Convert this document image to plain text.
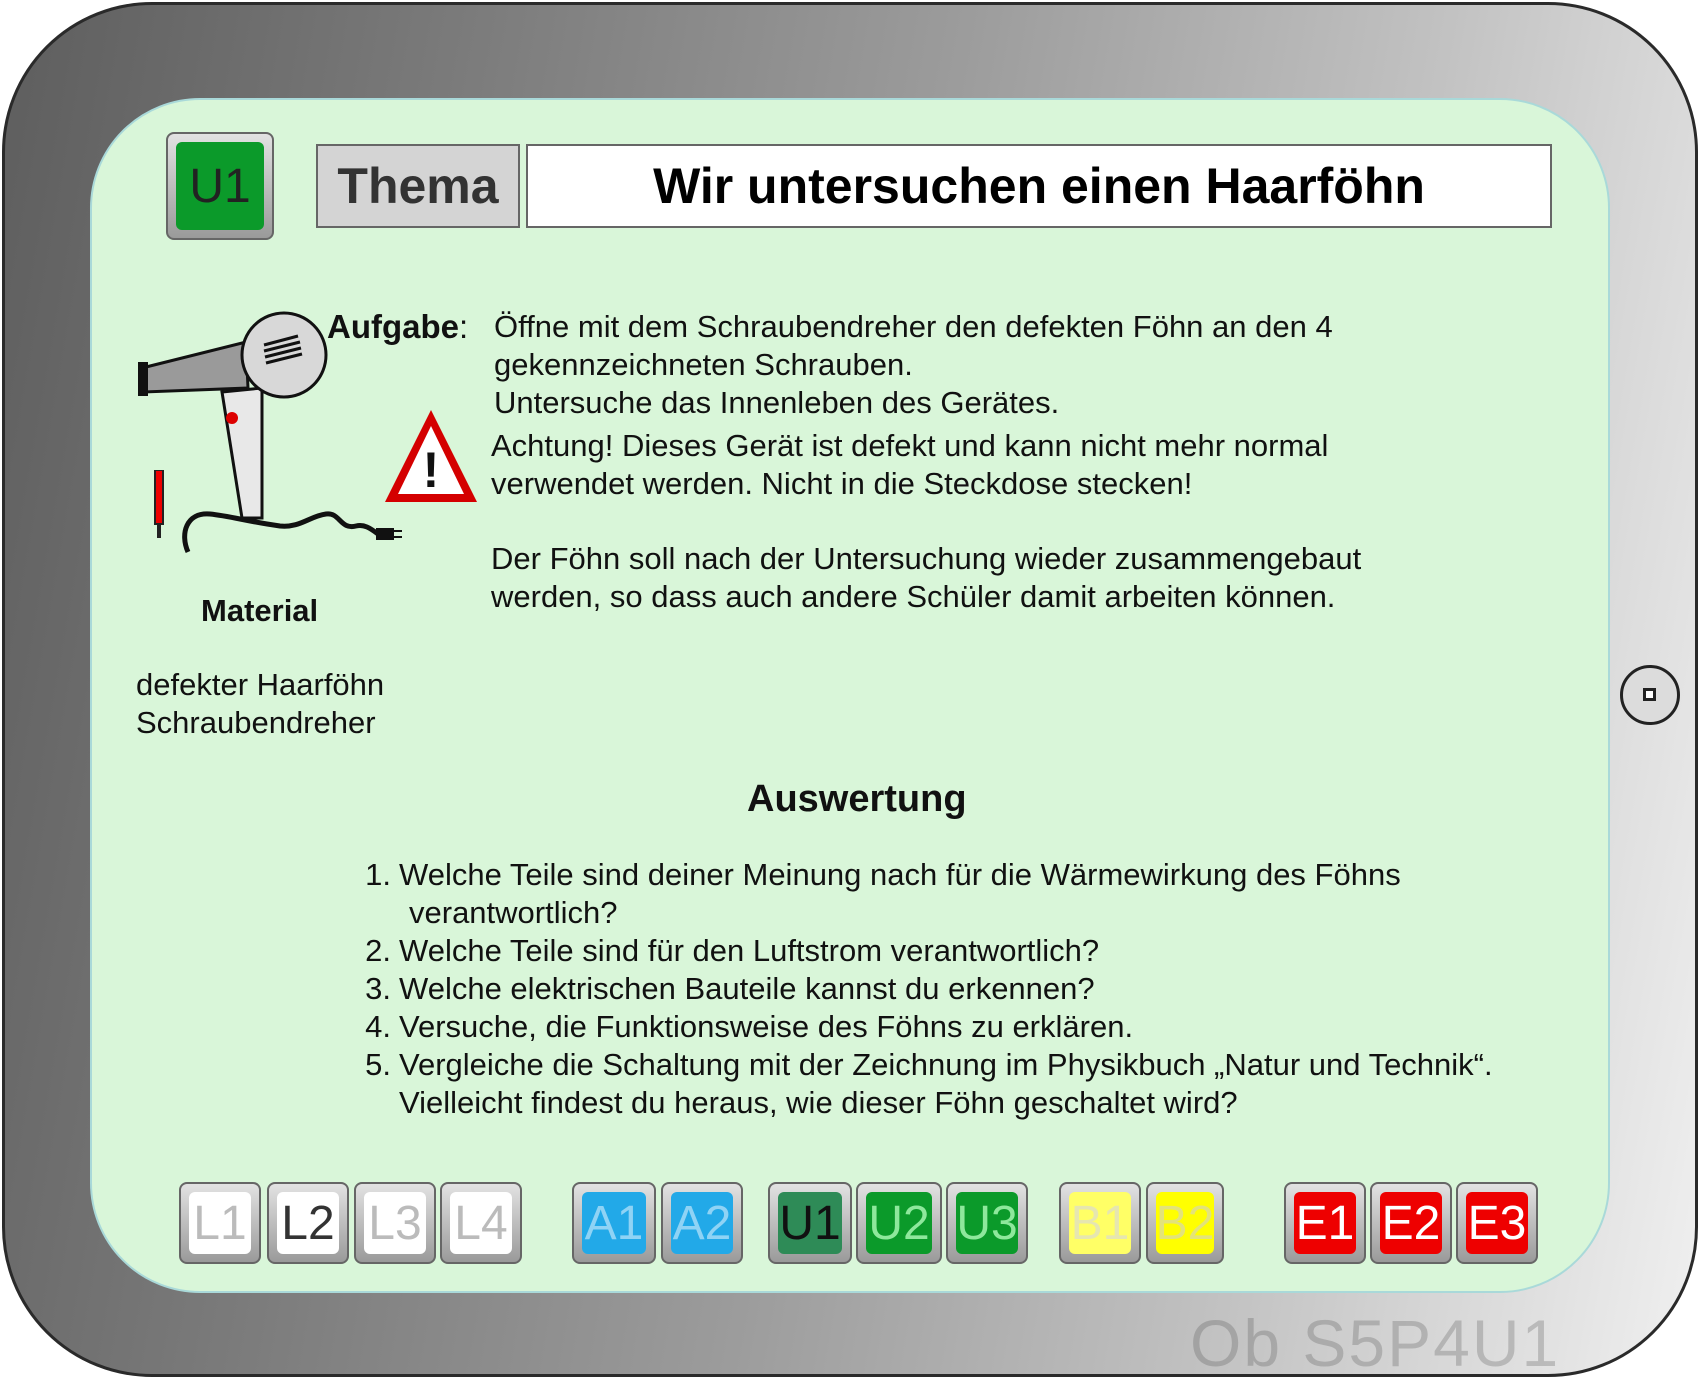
U1	Thema	Wir untersuchen einen Haarföhn
!
Aufgabe: Öffne mit dem Schraubendreher den defekten Föhn an den 4
gekennzeichneten Schrauben.
Untersuche das Innenleben des Gerätes.
Achtung! Dieses Gerät ist defekt und kann nicht mehr normal
verwendet werden. Nicht in die Steckdose stecken!
Der Föhn soll nach der Untersuchung wieder zusammengebaut
werden, so dass auch andere Schüler damit arbeiten können.
Material
defekter Haarföhn
Schraubendreher
Auswertung
1. Welche Teile sind deiner Meinung nach für die Wärmewirkung des Föhns
verantwortlich?
2. Welche Teile sind für den Luftstrom verantwortlich?
3. Welche elektrischen Bauteile kannst du erkennen?
4. Versuche, die Funktionsweise des Föhns zu erklären.
5. Vergleiche die Schaltung mit der Zeichnung im Physikbuch „Natur und Technik“.
Vielleicht findest du heraus, wie dieser Föhn geschaltet wird?
L1 L2 L3 L4 A1 A2 U1 U2 U3 B1 B2 E1 E2 E3
Ob S5P4U1
